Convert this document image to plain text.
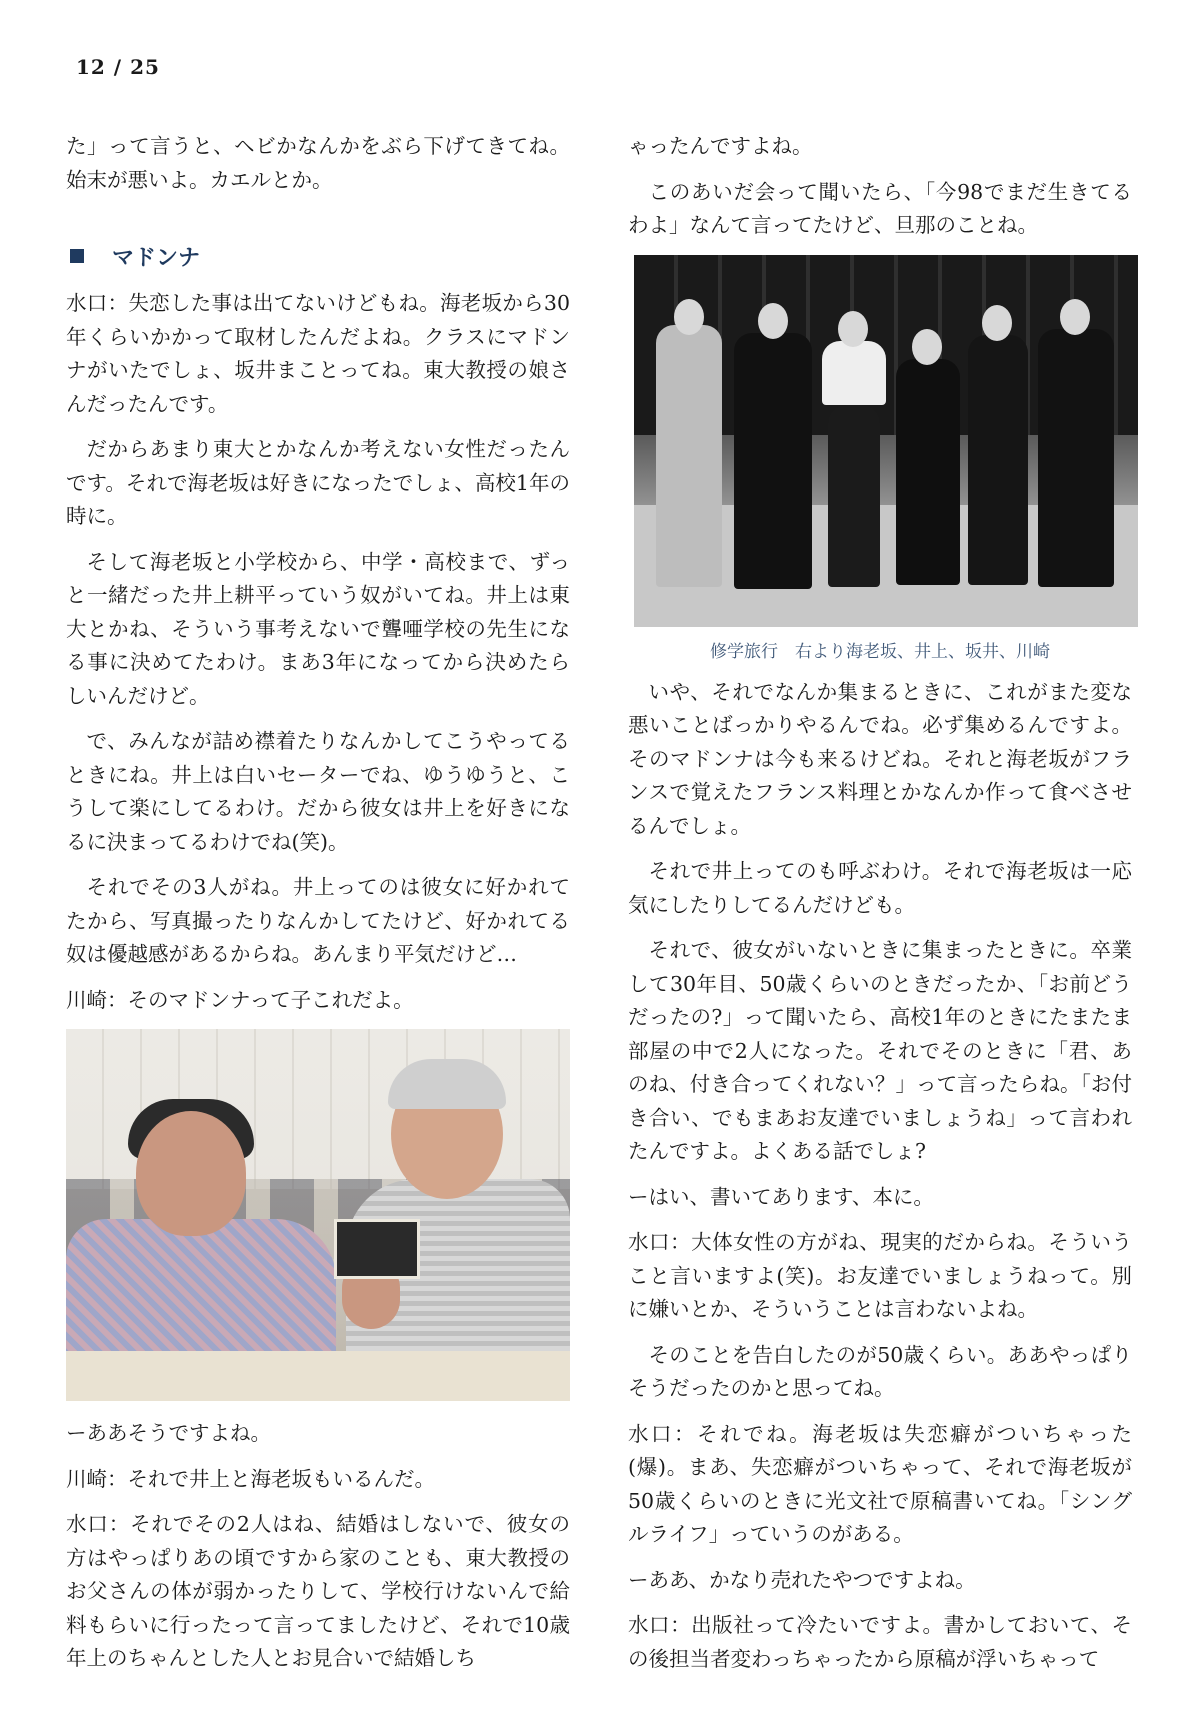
12 / 25

た」って言うと、ヘビかなんかをぶら下げてきてね。始末が悪いよ。カエルとか。

マドンナ

水口：失恋した事は出てないけどもね。海老坂から30年くらいかかって取材したんだよね。クラスにマドンナがいたでしょ、坂井まことってね。東大教授の娘さんだったんです。

だからあまり東大とかなんか考えない女性だったんです。それで海老坂は好きになったでしょ、高校1年の時に。

そして海老坂と小学校から、中学・高校まで、ずっと一緒だった井上耕平っていう奴がいてね。井上は東大とかね、そういう事考えないで聾唖学校の先生になる事に決めてたわけ。まあ3年になってから決めたらしいんだけど。

で、みんなが詰め襟着たりなんかしてこうやってるときにね。井上は白いセーターでね、ゆうゆうと、こうして楽にしてるわけ。だから彼女は井上を好きになるに決まってるわけでね(笑)。

それでその3人がね。井上ってのは彼女に好かれてたから、写真撮ったりなんかしてたけど、好かれてる奴は優越感があるからね。あんまり平気だけど…

川崎：そのマドンナって子これだよ。

ーああそうですよね。

川崎：それで井上と海老坂もいるんだ。

水口：それでその2人はね、結婚はしないで、彼女の方はやっぱりあの頃ですから家のことも、東大教授のお父さんの体が弱かったりして、学校行けないんで給料もらいに行ったって言ってましたけど、それで10歳年上のちゃんとした人とお見合いで結婚しち

ゃったんですよね。

このあいだ会って聞いたら、「今98でまだ生きてるわよ」なんて言ってたけど、旦那のことね。

修学旅行　右より海老坂、井上、坂井、川崎

いや、それでなんか集まるときに、これがまた変な悪いことばっかりやるんでね。必ず集めるんですよ。そのマドンナは今も来るけどね。それと海老坂がフランスで覚えたフランス料理とかなんか作って食べさせるんでしょ。

それで井上ってのも呼ぶわけ。それで海老坂は一応気にしたりしてるんだけども。

それで、彼女がいないときに集まったときに。卒業して30年目、50歳くらいのときだったか、「お前どうだったの?」って聞いたら、高校1年のときにたまたま部屋の中で2人になった。それでそのときに「君、あのね、付き合ってくれない？」って言ったらね。「お付き合い、でもまあお友達でいましょうね」って言われたんですよ。よくある話でしょ?

ーはい、書いてあります、本に。

水口：大体女性の方がね、現実的だからね。そういうこと言いますよ(笑)。お友達でいましょうねって。別に嫌いとか、そういうことは言わないよね。

そのことを告白したのが50歳くらい。ああやっぱりそうだったのかと思ってね。

水口：それでね。海老坂は失恋癖がついちゃった(爆)。まあ、失恋癖がついちゃって、それで海老坂が50歳くらいのときに光文社で原稿書いてね。「シングルライフ」っていうのがある。

ーああ、かなり売れたやつですよね。

水口：出版社って冷たいですよ。書かしておいて、その後担当者変わっちゃったから原稿が浮いちゃって
